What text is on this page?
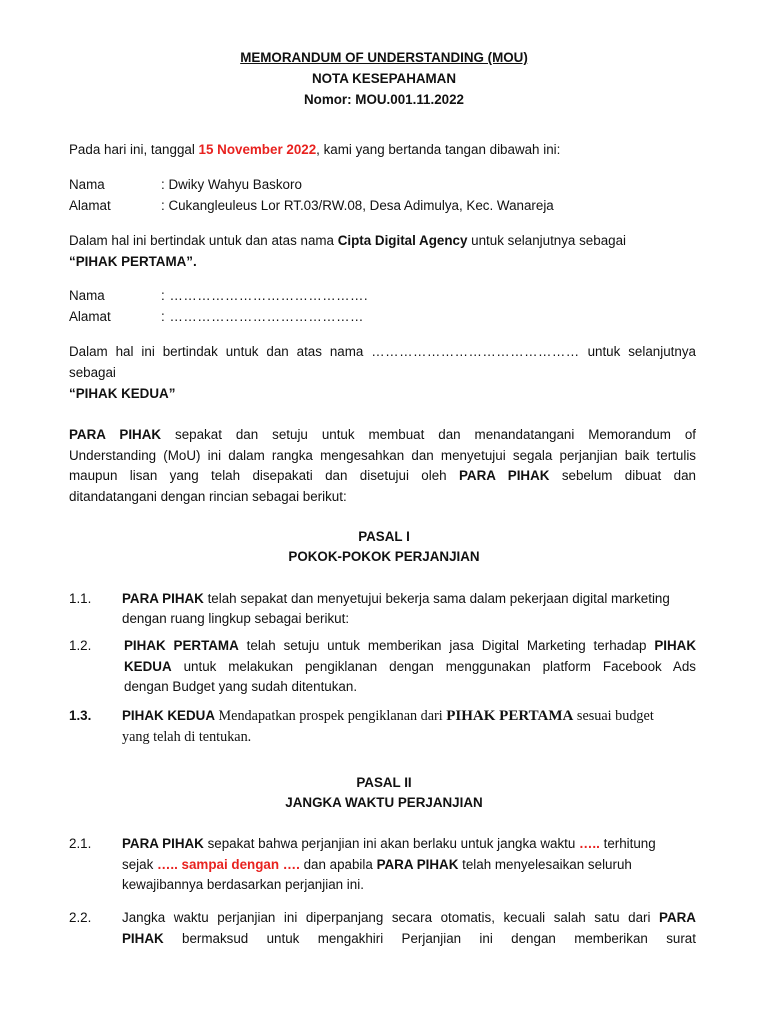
MEMORANDUM OF UNDERSTANDING (MOU)
NOTA KESEPAHAMAN
Nomor: MOU.001.11.2022
Pada hari ini, tanggal 15 November 2022, kami yang bertanda tangan dibawah ini:
Nama	: Dwiky Wahyu Baskoro
Alamat	: Cukangleuleus Lor RT.03/RW.08, Desa Adimulya, Kec. Wanareja
Dalam hal ini bertindak untuk dan atas nama Cipta Digital Agency untuk selanjutnya sebagai
“PIHAK PERTAMA”.
Nama	: …………………………………….
Alamat	: ……………………………………
Dalam hal ini bertindak untuk dan atas nama ……………………………………… untuk selanjutnya
sebagai
“PIHAK KEDUA”
PARA PIHAK sepakat dan setuju untuk membuat dan menandatangani Memorandum of
Understanding (MoU) ini dalam rangka mengesahkan dan menyetujui segala perjanjian baik tertulis
maupun lisan yang telah disepakati dan disetujui oleh PARA PIHAK sebelum dibuat dan
ditandatangani dengan rincian sebagai berikut:
PASAL I
POKOK-POKOK PERJANJIAN
1.1. PARA PIHAK telah sepakat dan menyetujui bekerja sama dalam pekerjaan digital marketing
dengan ruang lingkup sebagai berikut:
1.2. PIHAK PERTAMA telah setuju untuk memberikan jasa Digital Marketing terhadap PIHAK
KEDUA untuk melakukan pengiklanan dengan menggunakan platform Facebook Ads
dengan Budget yang sudah ditentukan.
1.3. PIHAK KEDUA Mendapatkan prospek pengiklanan dari PIHAK PERTAMA sesuai budget
yang telah di tentukan.
PASAL II
JANGKA WAKTU PERJANJIAN
2.1. PARA PIHAK sepakat bahwa perjanjian ini akan berlaku untuk jangka waktu ….. terhitung
sejak ….. sampai dengan …. dan apabila PARA PIHAK telah menyelesaikan seluruh
kewajibannya berdasarkan perjanjian ini.
2.2. Jangka waktu perjanjian ini diperpanjang secara otomatis, kecuali salah satu dari PARA
PIHAK bermaksud untuk mengakhiri Perjanjian ini dengan memberikan surat
